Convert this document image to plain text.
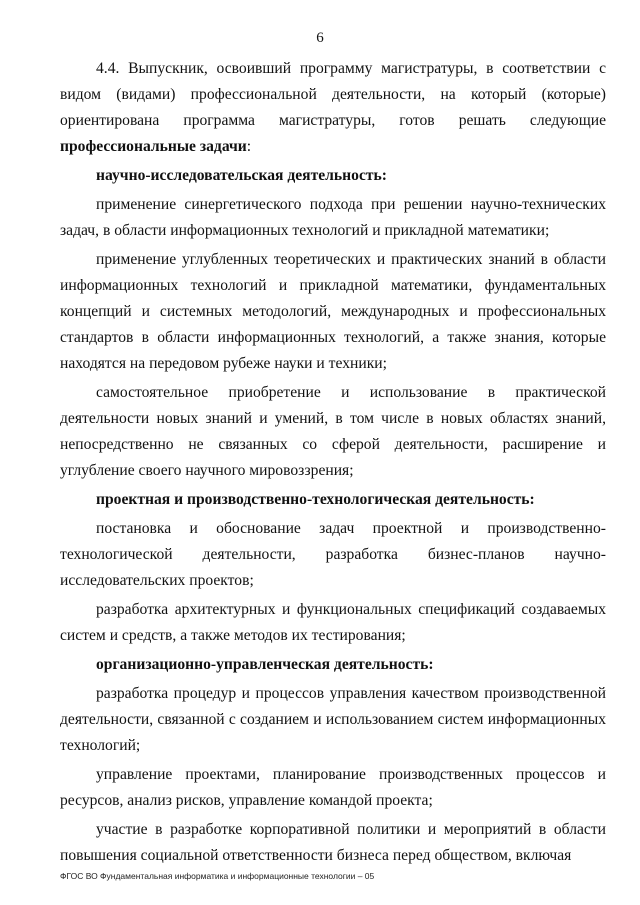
6

4.4. Выпускник, освоивший программу магистратуры, в соответствии с видом (видами) профессиональной деятельности, на который (которые) ориентирована программа магистратуры, готов решать следующие профессиональные задачи:

научно-исследовательская деятельность:

применение синергетического подхода при решении научно-технических задач, в области информационных технологий и прикладной математики;

применение углубленных теоретических и практических знаний в области информационных технологий и прикладной математики, фундаментальных концепций и системных методологий, международных и профессиональных стандартов в области информационных технологий, а также знания, которые находятся на передовом рубеже науки и техники;

самостоятельное приобретение и использование в практической деятельности новых знаний и умений, в том числе в новых областях знаний, непосредственно не связанных со сферой деятельности, расширение и углубление своего научного мировоззрения;

проектная и производственно-технологическая деятельность:

постановка и обоснование задач проектной и производственно-технологической деятельности, разработка бизнес-планов научно-исследовательских проектов;

разработка архитектурных и функциональных спецификаций создаваемых систем и средств, а также методов их тестирования;

организационно-управленческая деятельность:

разработка процедур и процессов управления качеством производственной деятельности, связанной с созданием и использованием систем информационных технологий;

управление проектами, планирование производственных процессов и ресурсов, анализ рисков, управление командой проекта;

участие в разработке корпоративной политики и мероприятий в области повышения социальной ответственности бизнеса перед обществом, включая

ФГОС ВО Фундаментальная информатика и информационные технологии – 05
